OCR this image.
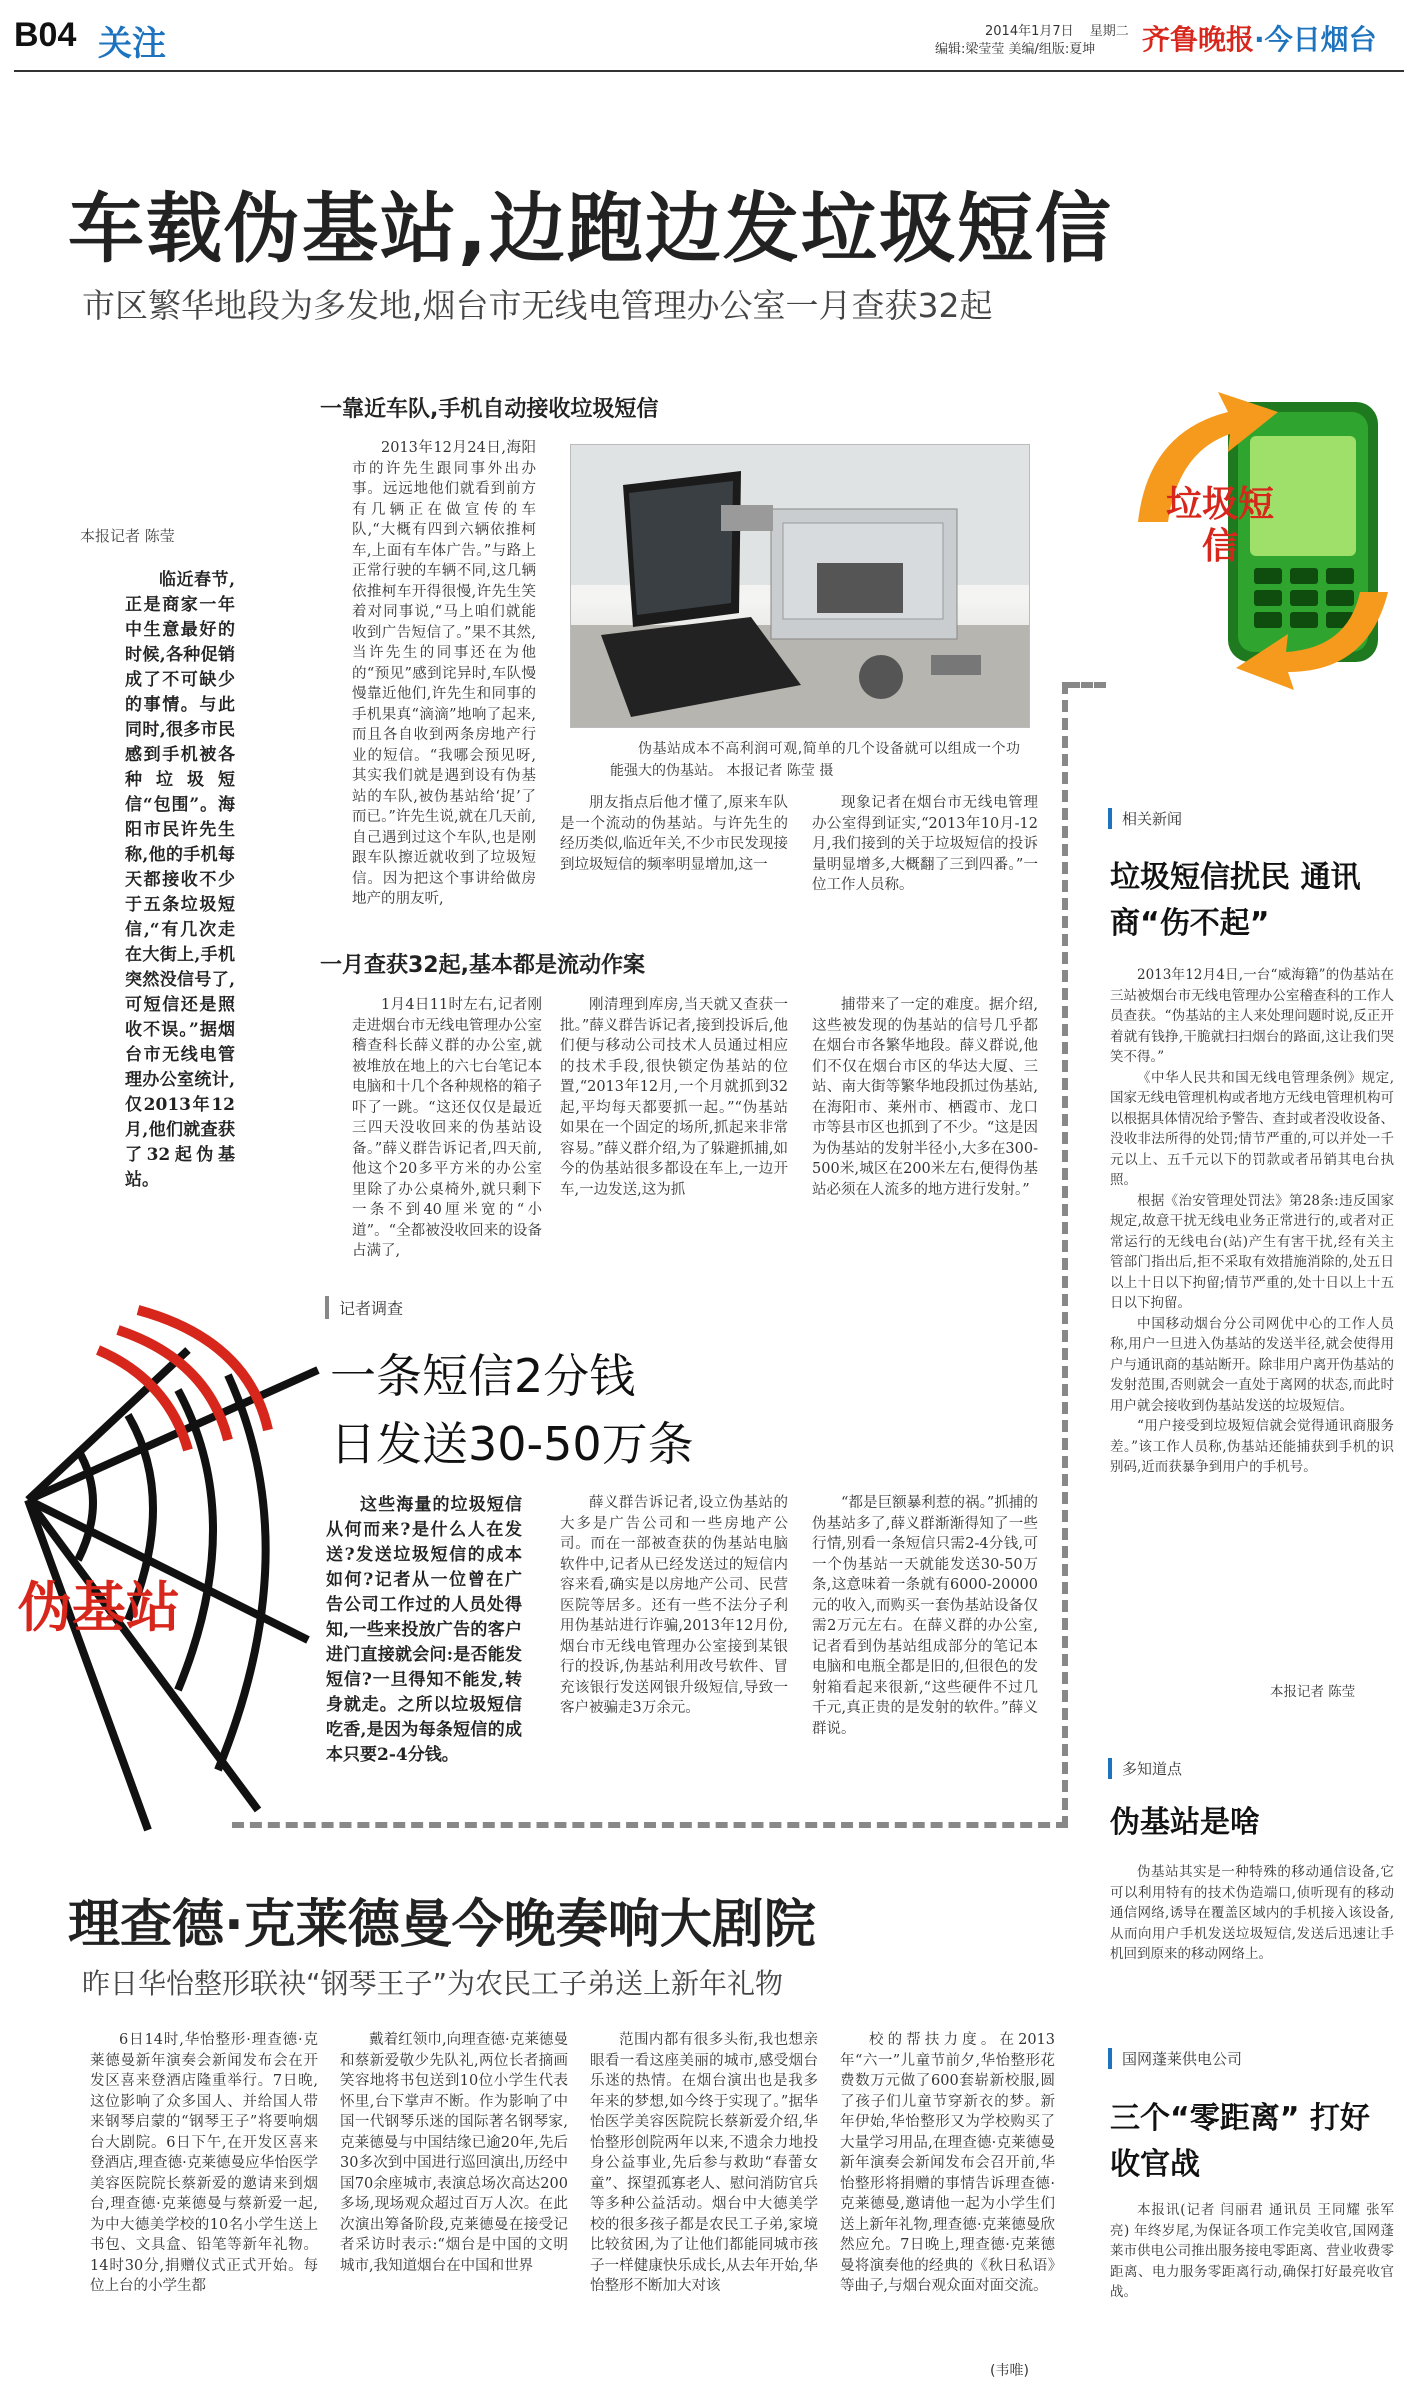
B04 关注	2014年1月7日 星期二
编辑:梁莹莹 美编/组版:夏坤 齐鲁晚报·今日烟台
车载伪基站,边跑边发垃圾短信
市区繁华地段为多发地,烟台市无线电管理办公室一月查获32起
本报记者 陈莹

临近春节,正是商家一年中生意最好的时候,各种促销成了不可缺少的事情。与此同时,很多市民感到手机被各种垃圾短信“包围”。海阳市民许先生称,他的手机每天都接收不少于五条垃圾短信,“有几次走在大街上,手机突然没信号了,可短信还是照收不误。”据烟台市无线电管理办公室统计,仅2013年12月,他们就查获了32起伪基站。

一靠近车队,手机自动接收垃圾短信

2013年12月24日,海阳市的许先生跟同事外出办事。远远地他们就看到前方有几辆正在做宣传的车队,“大概有四到六辆依推柯车,上面有车体广告。”与路上正常行驶的车辆不同,这几辆依推柯车开得很慢,许先生笑着对同事说,“马上咱们就能收到广告短信了。”果不其然,当许先生的同事还在为他的“预见”感到诧异时,车队慢慢靠近他们,许先生和同事的手机果真“滴滴”地响了起来,而且各自收到两条房地产行业的短信。“我哪会预见呀,其实我们就是遇到设有伪基站的车队,被伪基站给‘捉’了而已。”许先生说,就在几天前,自己遇到过这个车队,也是刚跟车队擦近就收到了垃圾短信。因为把这个事讲给做房地产的朋友听,

伪基站成本不高利润可观,简单的几个设备就可以组成一个功能强大的伪基站。 本报记者 陈莹 摄

朋友指点后他才懂了,原来车队是一个流动的伪基站。与许先生的经历类似,临近年关,不少市民发现接到垃圾短信的频率明显增加,这一

现象记者在烟台市无线电管理办公室得到证实,“2013年10月-12月,我们接到的关于垃圾短信的投诉量明显增多,大概翻了三到四番。”一位工作人员称。

一月查获32起,基本都是流动作案

1月4日11时左右,记者刚走进烟台市无线电管理办公室稽查科长薛义群的办公室,就被堆放在地上的六七台笔记本电脑和十几个各种规格的箱子吓了一跳。“这还仅仅是最近三四天没收回来的伪基站设备。”薛义群告诉记者,四天前,他这个20多平方米的办公室里除了办公桌椅外,就只剩下一条不到40厘米宽的“小道”。“全都被没收回来的设备占满了,

刚清理到库房,当天就又查获一批。”薛义群告诉记者,接到投诉后,他们便与移动公司技术人员通过相应的技术手段,很快锁定伪基站的位置,“2013年12月,一个月就抓到32起,平均每天都要抓一起。”“伪基站如果在一个固定的场所,抓起来非常容易。”薛义群介绍,为了躲避抓捕,如今的伪基站很多都设在车上,一边开车,一边发送,这为抓

捕带来了一定的难度。据介绍,这些被发现的伪基站的信号几乎都在烟台市各繁华地段。薛义群说,他们不仅在烟台市区的华达大厦、三站、南大街等繁华地段抓过伪基站,在海阳市、莱州市、栖霞市、龙口市等县市区也抓到了不少。“这是因为伪基站的发射半径小,大多在300-500米,城区在200米左右,便得伪基站必须在人流多的地方进行发射。”

垃圾短信
相关新闻
垃圾短信扰民 通讯商“伤不起”

2013年12月4日,一台“威海籍”的伪基站在三站被烟台市无线电管理办公室稽查科的工作人员查获。“伪基站的主人来处理问题时说,反正开着就有钱挣,干脆就扫扫烟台的路面,这让我们哭笑不得。”

《中华人民共和国无线电管理条例》规定,国家无线电管理机构或者地方无线电管理机构可以根据具体情况给予警告、查封或者没收设备、没收非法所得的处罚;情节严重的,可以并处一千元以上、五千元以下的罚款或者吊销其电台执照。

根据《治安管理处罚法》第28条:违反国家规定,故意干扰无线电业务正常进行的,或者对正常运行的无线电台(站)产生有害干扰,经有关主管部门指出后,拒不采取有效措施消除的,处五日以上十日以下拘留;情节严重的,处十日以上十五日以下拘留。

中国移动烟台分公司网优中心的工作人员称,用户一旦进入伪基站的发送半径,就会使得用户与通讯商的基站断开。除非用户离开伪基站的发射范围,否则就会一直处于离网的状态,而此时用户就会接收到伪基站发送的垃圾短信。

“用户接受到垃圾短信就会觉得通讯商服务差。”该工作人员称,伪基站还能捕获到手机的识别码,近而获暴争到用户的手机号。

本报记者 陈莹
记者调查
一条短信2分钱
日发送30-50万条
伪基站

这些海量的垃圾短信从何而来?是什么人在发送?发送垃圾短信的成本如何?记者从一位曾在广告公司工作过的人员处得知,一些来投放广告的客户进门直接就会问:是否能发短信?一旦得知不能发,转身就走。之所以垃圾短信吃香,是因为每条短信的成本只要2-4分钱。

薛义群告诉记者,设立伪基站的大多是广告公司和一些房地产公司。而在一部被查获的伪基站电脑软件中,记者从已经发送过的短信内容来看,确实是以房地产公司、民营医院等居多。还有一些不法分子利用伪基站进行诈骗,2013年12月份,烟台市无线电管理办公室接到某银行的投诉,伪基站利用改号软件、冒充该银行发送网银升级短信,导致一客户被骗走3万余元。

“都是巨额暴利惹的祸。”抓捕的伪基站多了,薛义群渐渐得知了一些行情,别看一条短信只需2-4分钱,可一个伪基站一天就能发送30-50万条,这意味着一条就有6000-20000元的收入,而购买一套伪基站设备仅需2万元左右。在薛义群的办公室,记者看到伪基站组成部分的笔记本电脑和电瓶全都是旧的,但很色的发射箱看起来很新,“这些硬件不过几千元,真正贵的是发射的软件。”薛义群说。

多知道点
伪基站是啥

伪基站其实是一种特殊的移动通信设备,它可以利用特有的技术伪造端口,侦听现有的移动通信网络,诱导在覆盖区域内的手机接入该设备,从而向用户手机发送垃圾短信,发送后迅速让手机回到原来的移动网络上。

国网蓬莱供电公司
三个“零距离” 打好收官战

本报讯(记者 闫丽君 通讯员 王同耀 张军亮) 年终岁尾,为保证各项工作完美收官,国网蓬莱市供电公司推出服务接电零距离、营业收费零距离、电力服务零距离行动,确保打好最亮收官战。

理查德·克莱德曼今晚奏响大剧院
昨日华怡整形联袂“钢琴王子”为农民工子弟送上新年礼物

6日14时,华怡整形·理查德·克莱德曼新年演奏会新闻发布会在开发区喜来登酒店隆重举行。7日晚,这位影响了众多国人、并给国人带来钢琴启蒙的“钢琴王子”将要响烟台大剧院。6日下午,在开发区喜来登酒店,理查德·克莱德曼应华怡医学美容医院院长蔡新爱的邀请来到烟台,理查德·克莱德曼与蔡新爱一起,为中大德美学校的10名小学生送上书包、文具盒、铅笔等新年礼物。14时30分,捐赠仪式正式开始。每位上台的小学生都

戴着红领巾,向理查德·克莱德曼和蔡新爱敬少先队礼,两位长者摘画笑容地将书包送到10位小学生代表怀里,台下掌声不断。作为影响了中国一代钢琴乐迷的国际著名钢琴家,克莱德曼与中国结缘已逾20年,先后30多次到中国进行巡回演出,历经中国70余座城市,表演总场次高达200多场,现场观众超过百万人次。在此次演出筹备阶段,克莱德曼在接受记者采访时表示:“烟台是中国的文明城市,我知道烟台在中国和世界

范围内都有很多头衔,我也想亲眼看一看这座美丽的城市,感受烟台乐迷的热情。在烟台演出也是我多年来的梦想,如今终于实现了。”据华怡医学美容医院院长蔡新爱介绍,华怡整形创院两年以来,不遗余力地投身公益事业,先后参与救助“春蕾女童”、探望孤寡老人、慰问消防官兵等多种公益活动。烟台中大德美学校的很多孩子都是农民工子弟,家境比较贫困,为了让他们都能同城市孩子一样健康快乐成长,从去年开始,华怡整形不断加大对该

校的帮扶力度。在2013年“六一”儿童节前夕,华怡整形花费数万元做了600套崭新校服,圆了孩子们儿童节穿新衣的梦。新年伊始,华怡整形又为学校购买了大量学习用品,在理查德·克莱德曼新年演奏会新闻发布会召开前,华怡整形将捐赠的事情告诉理查德·克莱德曼,邀请他一起为小学生们送上新年礼物,理查德·克莱德曼欣然应允。7日晚上,理查德·克莱德曼将演奏他的经典的《秋日私语》等曲子,与烟台观众面对面交流。

(韦唯)
